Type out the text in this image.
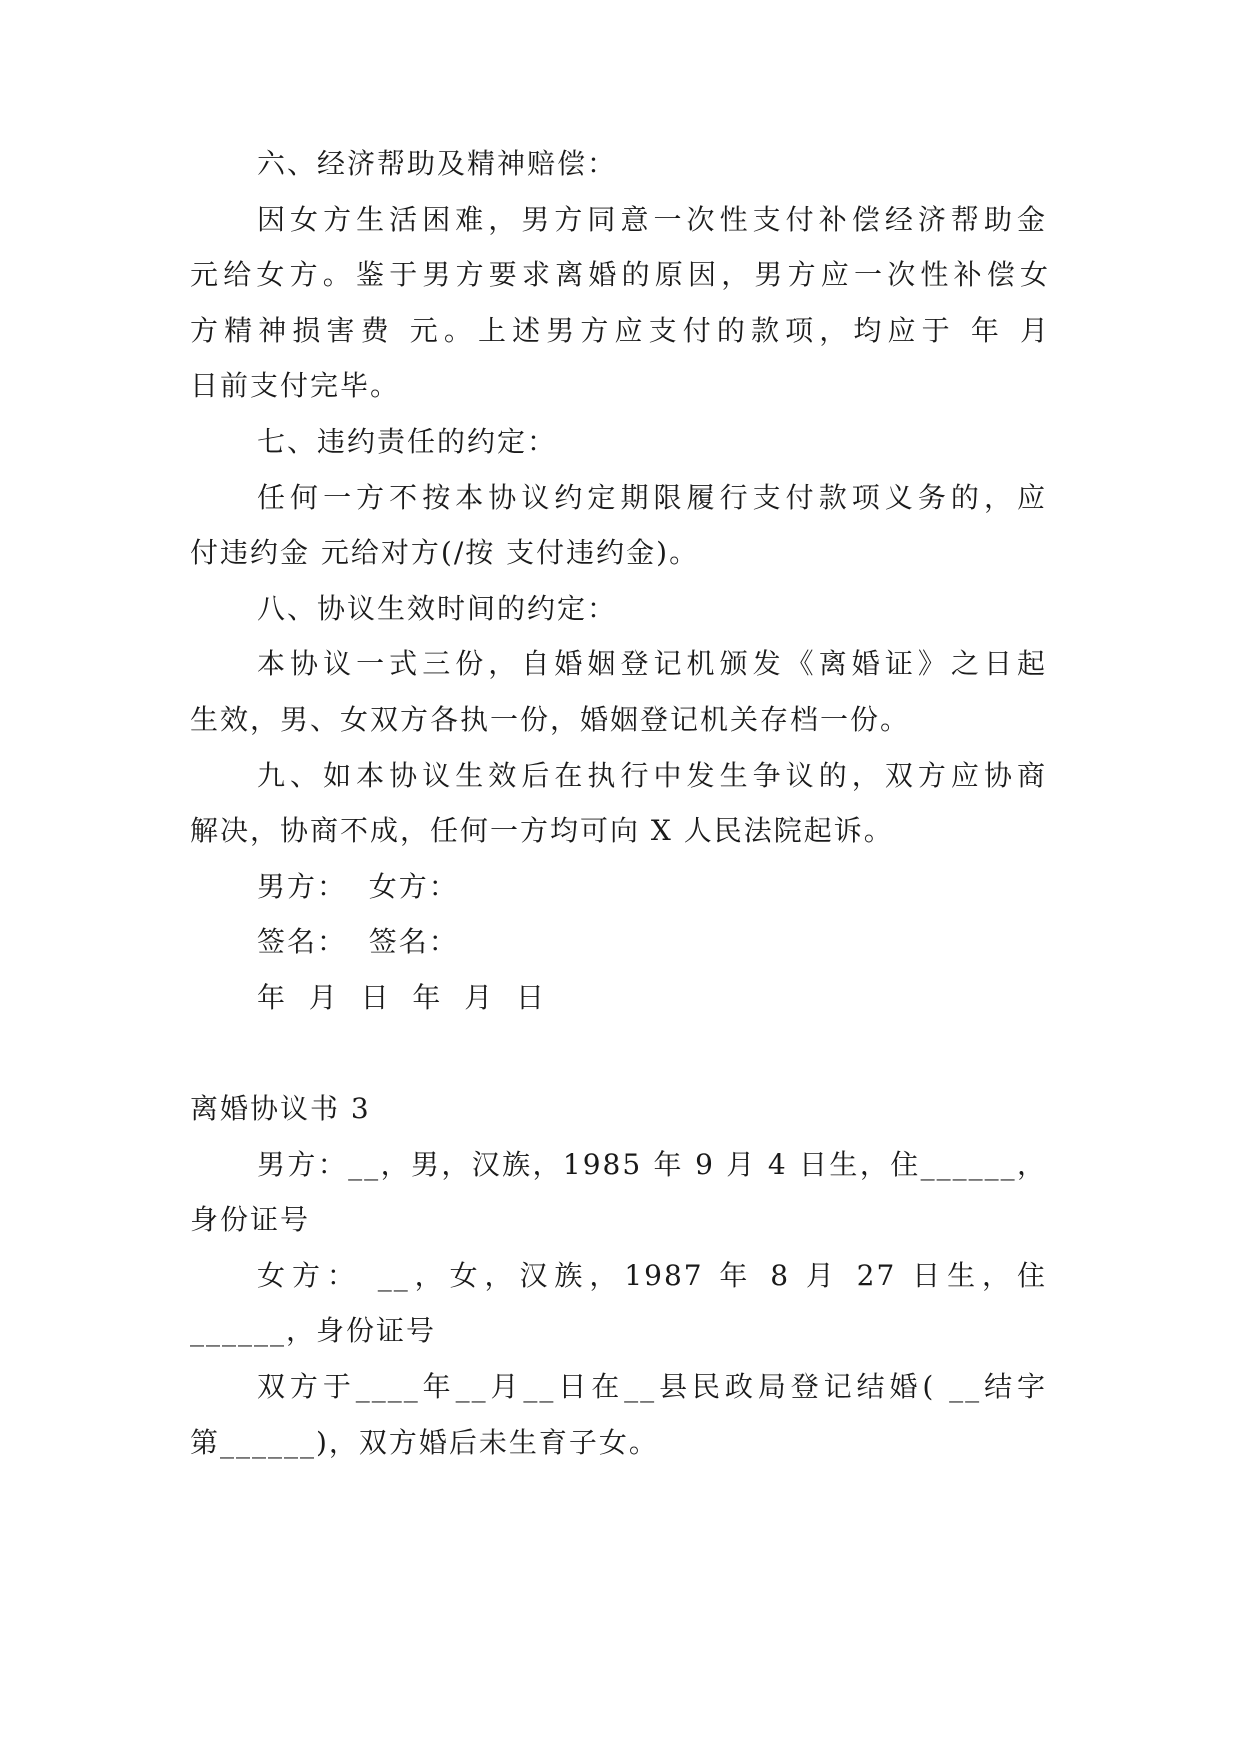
六、经济帮助及精神赔偿：
因女方生活困难，男方同意一次性支付补偿经济帮助金
元给女方。鉴于男方要求离婚的原因，男方应一次性补偿女
方精神损害费 元。上述男方应支付的款项，均应于 年 月
日前支付完毕。
七、违约责任的约定：
任何一方不按本协议约定期限履行支付款项义务的，应
付违约金 元给对方(/按 支付违约金)。
八、协议生效时间的约定：
本协议一式三份，自婚姻登记机颁发《离婚证》之日起
生效，男、女双方各执一份，婚姻登记机关存档一份。
九、如本协议生效后在执行中发生争议的，双方应协商
解决，协商不成，任何一方均可向 X 人民法院起诉。
男方：  女方：
签名：  签名：
年  月  日  年  月  日
离婚协议书 3
男方：__，男，汉族，1985 年 9 月 4 日生，住______，
身份证号
女方： __，女，汉族，1987 年 8 月 27 日生，住
______，身份证号
双方于____年__月__日在__县民政局登记结婚( __结字
第______)，双方婚后未生育子女。
